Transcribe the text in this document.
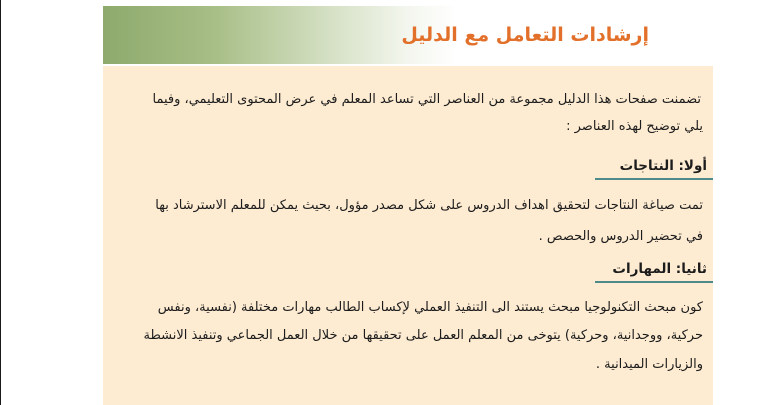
إرشادات التعامل مع الدليل
تضمنت صفحات هذا الدليل مجموعة من العناصر التي تساعد المعلم في عرض المحتوى التعليمي، وفيما
يلي توضيح لهذه العناصر :
أولا: النتاجات
تمت صياغة النتاجات لتحقيق اهداف الدروس على شكل مصدر مؤول، بحيث يمكن للمعلم الاسترشاد بها
في تحضير الدروس والحصص .
ثانيا: المهارات
كون مبحث التكنولوجيا مبحث يستند الى التنفيذ العملي لإكساب الطالب مهارات مختلفة (نفسية، ونفس
حركية، ووجدانية، وحركية) يتوخى من المعلم العمل على تحقيقها من خلال العمل الجماعي وتنفيذ الانشطة
والزيارات الميدانية .
